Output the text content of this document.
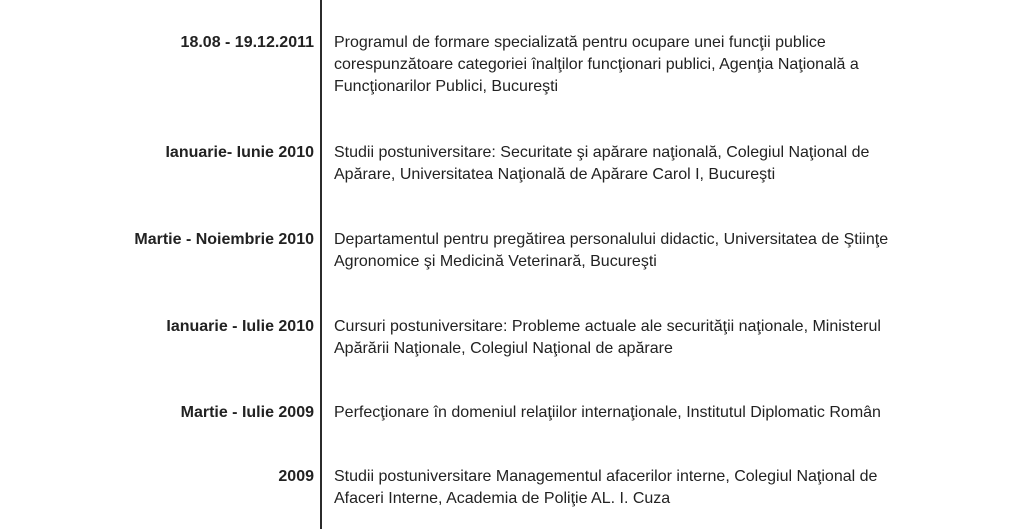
18.08 - 19.12.2011 Programul de formare specializată pentru ocupare unei funcţii publice
corespunzătoare categoriei înalţilor funcţionari publici, Agenţia Naţională a
Funcţionarilor Publici, Bucureşti
Ianuarie- Iunie 2010 Studii postuniversitare: Securitate şi apărare naţională, Colegiul Naţional de
Apărare, Universitatea Naţională de Apărare Carol I, Bucureşti
Martie - Noiembrie 2010 Departamentul pentru pregătirea personalului didactic, Universitatea de Ştiinţe
Agronomice şi Medicină Veterinară, Bucureşti
Ianuarie - Iulie 2010 Cursuri postuniversitare: Probleme actuale ale securităţii naţionale, Ministerul
Apărării Naţionale, Colegiul Naţional de apărare
Martie - Iulie 2009 Perfecţionare în domeniul relaţiilor internaţionale, Institutul Diplomatic Român
2009 Studii postuniversitare Managementul afacerilor interne, Colegiul Naţional de
Afaceri Interne, Academia de Poliţie AL. I. Cuza
